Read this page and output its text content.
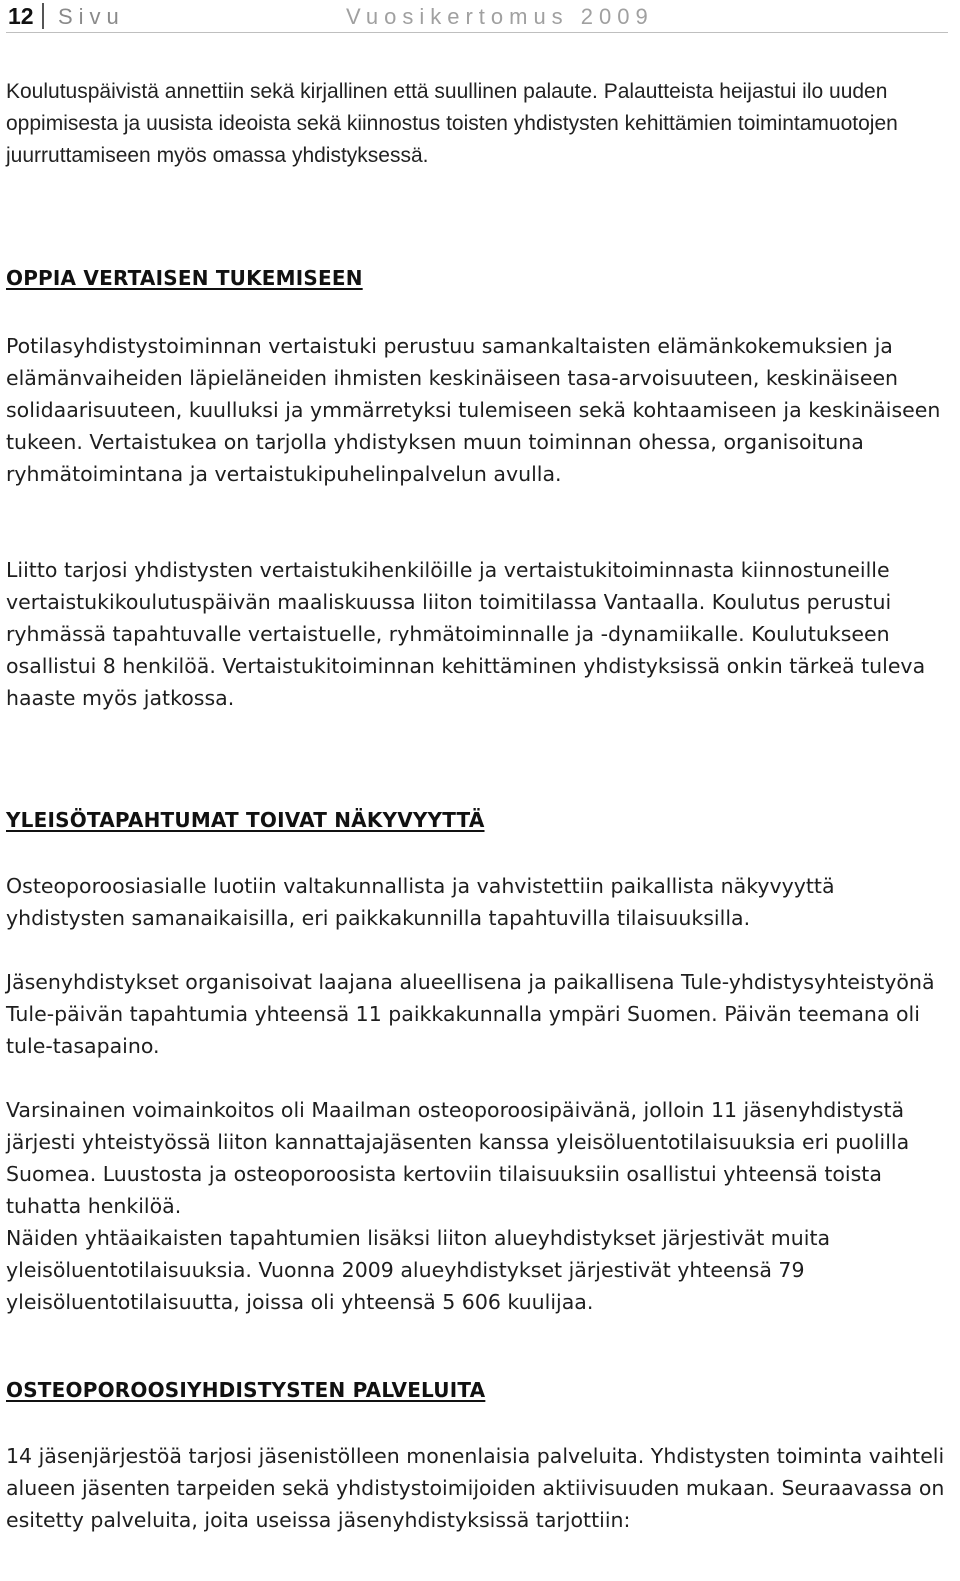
12 Sivu	Vuosikertomus 2009

Koulutuspäivistä annettiin sekä kirjallinen että suullinen palaute. Palautteista heijastui ilo uuden oppimisesta ja uusista ideoista sekä kiinnostus toisten yhdistysten kehittämien toimintamuotojen juurruttamiseen myös omassa yhdistyksessä.

OPPIA VERTAISEN TUKEMISEEN

Potilasyhdistystoiminnan vertaistuki perustuu samankaltaisten elämänkokemuksien ja elämänvaiheiden läpieläneiden ihmisten keskinäiseen tasa-arvoisuuteen, keskinäiseen solidaarisuuteen, kuulluksi ja ymmärretyksi tulemiseen sekä kohtaamiseen ja keskinäiseen tukeen. Vertaistukea on tarjolla yhdistyksen muun toiminnan ohessa, organisoituna ryhmätoimintana ja vertaistukipuhelinpalvelun avulla.

Liitto tarjosi yhdistysten vertaistukihenkilöille ja vertaistukitoiminnasta kiinnostuneille vertaistukikoulutuspäivän maaliskuussa liiton toimitilassa Vantaalla. Koulutus perustui ryhmässä tapahtuvalle vertaistuelle, ryhmätoiminnalle ja -dynamiikalle. Koulutukseen osallistui 8 henkilöä. Vertaistukitoiminnan kehittäminen yhdistyksissä onkin tärkeä tuleva haaste myös jatkossa.

YLEISÖTAPAHTUMAT TOIVAT NÄKYVYYTTÄ

Osteoporoosiasialle luotiin valtakunnallista ja vahvistettiin paikallista näkyvyyttä yhdistysten samanaikaisilla, eri paikkakunnilla tapahtuvilla tilaisuuksilla.

Jäsenyhdistykset organisoivat laajana alueellisena ja paikallisena Tule-yhdistysyhteistyönä Tule-päivän tapahtumia yhteensä 11 paikkakunnalla ympäri Suomen. Päivän teemana oli tule-tasapaino.

Varsinainen voimainkoitos oli Maailman osteoporoosipäivänä, jolloin 11 jäsenyhdistystä järjesti yhteistyössä liiton kannattajajäsenten kanssa yleisöluentotilaisuuksia eri puolilla Suomea. Luustosta ja osteoporoosista kertoviin tilaisuuksiin osallistui yhteensä toista tuhatta henkilöä.

Näiden yhtäaikaisten tapahtumien lisäksi liiton alueyhdistykset järjestivät muita yleisöluentotilaisuuksia. Vuonna 2009 alueyhdistykset järjestivät yhteensä 79 yleisöluentotilaisuutta, joissa oli yhteensä 5 606 kuulijaa.

OSTEOPOROOSIYHDISTYSTEN PALVELUITA

14 jäsenjärjestöä tarjosi jäsenistölleen monenlaisia palveluita. Yhdistysten toiminta vaihteli alueen jäsenten tarpeiden sekä yhdistystoimijoiden aktiivisuuden mukaan. Seuraavassa on esitetty palveluita, joita useissa jäsenyhdistyksissä tarjottiin:
